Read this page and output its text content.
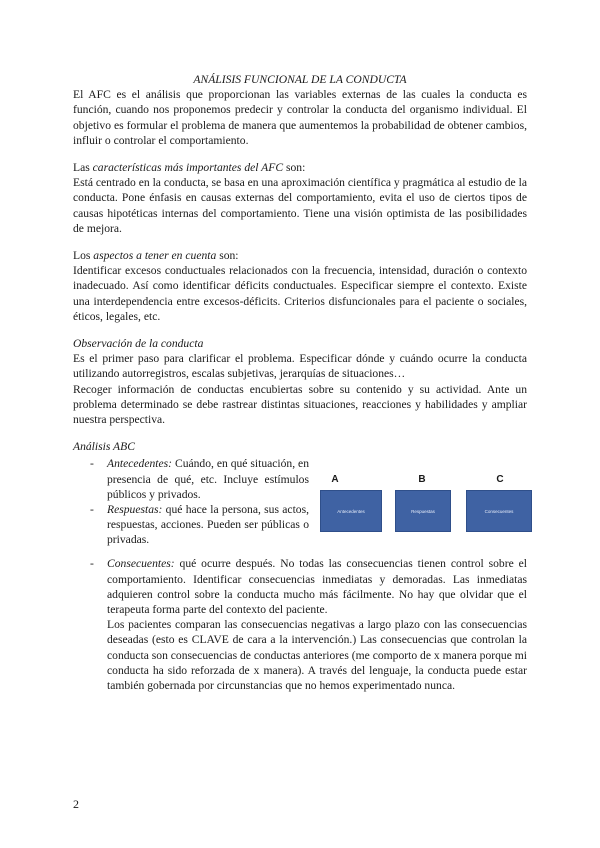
ANÁLISIS FUNCIONAL DE LA CONDUCTA

El AFC es el análisis que proporcionan las variables externas de las cuales la conducta es función, cuando nos proponemos predecir y controlar la conducta del organismo individual. El objetivo es formular el problema de manera que aumentemos la probabilidad de obtener cambios, influir o controlar el comportamiento.

Las características más importantes del AFC son:

Está centrado en la conducta, se basa en una aproximación científica y pragmática al estudio de la conducta. Pone énfasis en causas externas del comportamiento, evita el uso de ciertos tipos de causas hipotéticas internas del comportamiento. Tiene una visión optimista de las posibilidades de mejora.

Los aspectos a tener en cuenta son:

Identificar excesos conductuales relacionados con la frecuencia, intensidad, duración o contexto inadecuado. Así como identificar déficits conductuales. Especificar siempre el contexto. Existe una interdependencia entre excesos-déficits. Criterios disfuncionales para el paciente o sociales, éticos, legales, etc.

Observación de la conducta

Es el primer paso para clarificar el problema. Especificar dónde y cuándo ocurre la conducta utilizando autorregistros, escalas subjetivas, jerarquías de situaciones…

Recoger información de conductas encubiertas sobre su contenido y su actividad. Ante un problema determinado se debe rastrear distintas situaciones, reacciones y habilidades y ampliar nuestra perspectiva.

Análisis ABC

- Antecedentes: Cuándo, en qué situación, en presencia de qué, etc. Incluye estímulos públicos y privados.
- Respuestas: qué hace la persona, sus actos, respuestas, acciones. Pueden ser públicas o privadas.
A	B	C
Antecedentes	Respuestas	Consecuentes
- Consecuentes: qué ocurre después. No todas las consecuencias tienen control sobre el comportamiento. Identificar consecuencias inmediatas y demoradas. Las inmediatas adquieren control sobre la conducta mucho más fácilmente. No hay que olvidar que el terapeuta forma parte del contexto del paciente.

Los pacientes comparan las consecuencias negativas a largo plazo con las consecuencias deseadas (esto es CLAVE de cara a la intervención.) Las consecuencias que controlan la conducta son consecuencias de conductas anteriores (me comporto de x manera porque mi conducta ha sido reforzada de x manera). A través del lenguaje, la conducta puede estar también gobernada por circunstancias que no hemos experimentado nunca.

2
